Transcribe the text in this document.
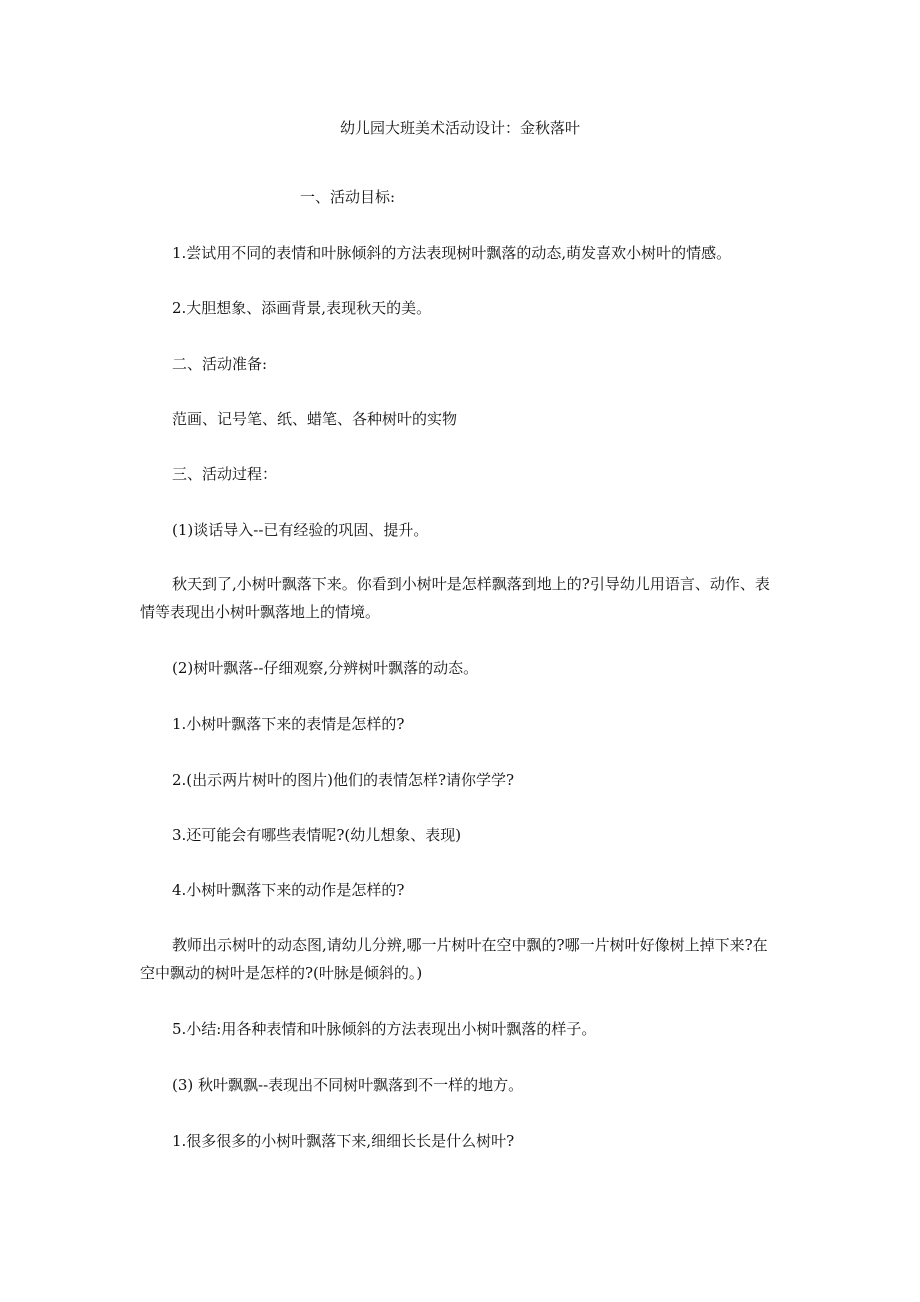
幼儿园大班美术活动设计：金秋落叶
一、活动目标:
1.尝试用不同的表情和叶脉倾斜的方法表现树叶飘落的动态,萌发喜欢小树叶的情感。
2.大胆想象、添画背景,表现秋天的美。
二、活动准备:
范画、记号笔、纸、蜡笔、各种树叶的实物
三、活动过程：
(1)谈话导入--已有经验的巩固、提升。

秋天到了,小树叶飘落下来。你看到小树叶是怎样飘落到地上的?引导幼儿用语言、动作、表情等表现出小树叶飘落地上的情境。

(2)树叶飘落--仔细观察,分辨树叶飘落的动态。
1.小树叶飘落下来的表情是怎样的?
2.(出示两片树叶的图片)他们的表情怎样?请你学学?
3.还可能会有哪些表情呢?(幼儿想象、表现)
4.小树叶飘落下来的动作是怎样的?

教师出示树叶的动态图,请幼儿分辨,哪一片树叶在空中飘的?哪一片树叶好像树上掉下来?在空中飘动的树叶是怎样的?(叶脉是倾斜的。)

5.小结:用各种表情和叶脉倾斜的方法表现出小树叶飘落的样子。
(3) 秋叶飘飘--表现出不同树叶飘落到不一样的地方。
1.很多很多的小树叶飘落下来,细细长长是什么树叶?
